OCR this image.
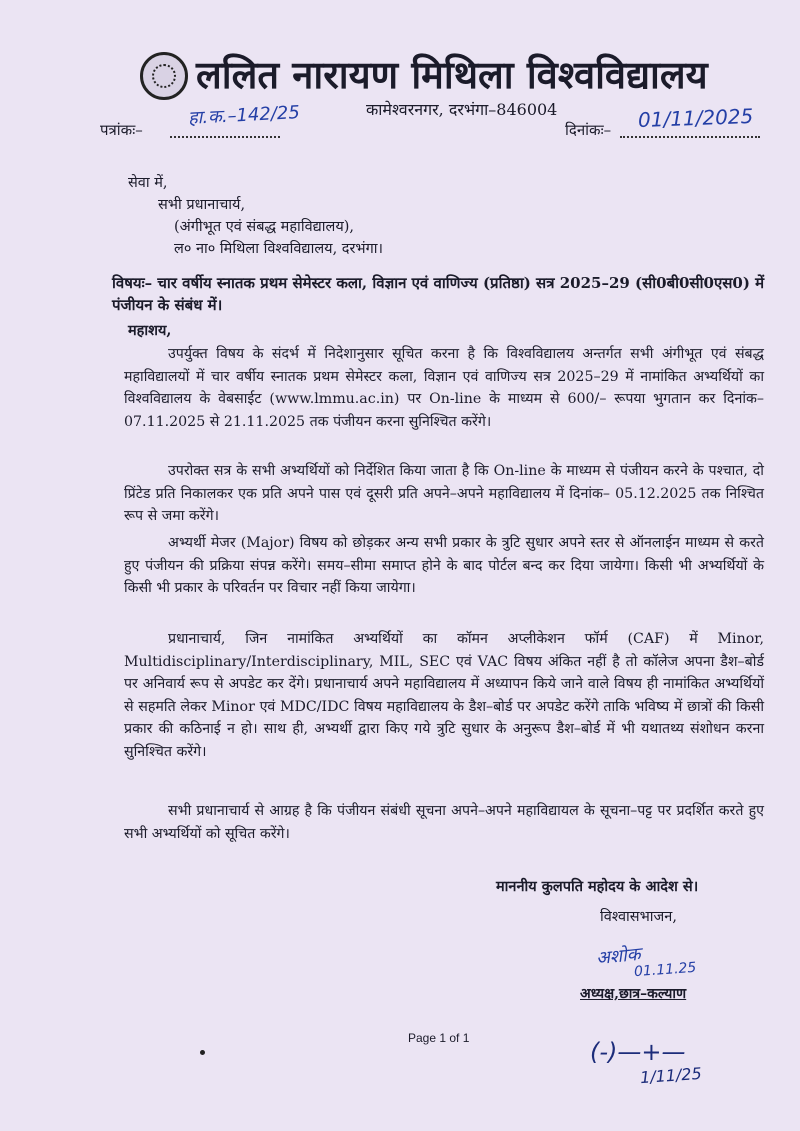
ललित नारायण मिथिला विश्वविद्यालय
कामेश्वरनगर, दरभंगा–846004
पत्रांकः–
हा.क.–142/25
दिनांकः– 01/11/2025
सेवा में,
सभी प्रधानाचार्य,
(अंगीभूत एवं संबद्ध महाविद्यालय),
ल० ना० मिथिला विश्वविद्यालय, दरभंगा।
विषयः– चार वर्षीय स्नातक प्रथम सेमेस्टर कला, विज्ञान एवं वाणिज्य (प्रतिष्ठा) सत्र 2025–29 (सी0बी0सी0एस0) में पंजीयन के संबंध में।
महाशय,
उपर्युक्त विषय के संदर्भ में निदेशानुसार सूचित करना है कि विश्वविद्यालय अन्तर्गत सभी अंगीभूत एवं संबद्ध महाविद्यालयों में चार वर्षीय स्नातक प्रथम सेमेस्टर कला, विज्ञान एवं वाणिज्य सत्र 2025–29 में नामांकित अभ्यर्थियों का विश्वविद्यालय के वेबसाईट (www.lmmu.ac.in) पर On-line के माध्यम से 600/– रूपया भुगतान कर दिनांक– 07.11.2025 से 21.11.2025 तक पंजीयन करना सुनिश्चित करेंगे।
उपरोक्त सत्र के सभी अभ्यर्थियों को निर्देशित किया जाता है कि On-line के माध्यम से पंजीयन करने के पश्चात, दो प्रिंटेड प्रति निकालकर एक प्रति अपने पास एवं दूसरी प्रति अपने–अपने महाविद्यालय में दिनांक– 05.12.2025 तक निश्चित रूप से जमा करेंगे।
अभ्यर्थी मेजर (Major) विषय को छोड़कर अन्य सभी प्रकार के त्रुटि सुधार अपने स्तर से ऑनलाईन माध्यम से करते हुए पंजीयन की प्रक्रिया संपन्न करेंगे। समय–सीमा समाप्त होने के बाद पोर्टल बन्द कर दिया जायेगा। किसी भी अभ्यर्थियों के किसी भी प्रकार के परिवर्तन पर विचार नहीं किया जायेगा।
प्रधानाचार्य, जिन नामांकित अभ्यर्थियों का कॉमन अप्लीकेशन फॉर्म (CAF) में Minor, Multidisciplinary/Interdisciplinary, MIL, SEC एवं VAC विषय अंकित नहीं है तो कॉलेज अपना डैश–बोर्ड पर अनिवार्य रूप से अपडेट कर देंगे। प्रधानाचार्य अपने महाविद्यालय में अध्यापन किये जाने वाले विषय ही नामांकित अभ्यर्थियों से सहमति लेकर Minor एवं MDC/IDC विषय महाविद्यालय के डैश–बोर्ड पर अपडेट करेंगे ताकि भविष्य में छात्रों की किसी प्रकार की कठिनाई न हो। साथ ही, अभ्यर्थी द्वारा किए गये त्रुटि सुधार के अनुरूप डैश–बोर्ड में भी यथातथ्य संशोधन करना सुनिश्चित करेंगे।
सभी प्रधानाचार्य से आग्रह है कि पंजीयन संबंधी सूचना अपने–अपने महाविद्यायल के सूचना–पट्ट पर प्रदर्शित करते हुए सभी अभ्यर्थियों को सूचित करेंगे।
माननीय कुलपति महोदय के आदेश से।
विश्वासभाजन,
अशोक
01.11.25
अध्यक्ष,छात्र–कल्याण
Page 1 of 1	(-)—+—
1/11/25
